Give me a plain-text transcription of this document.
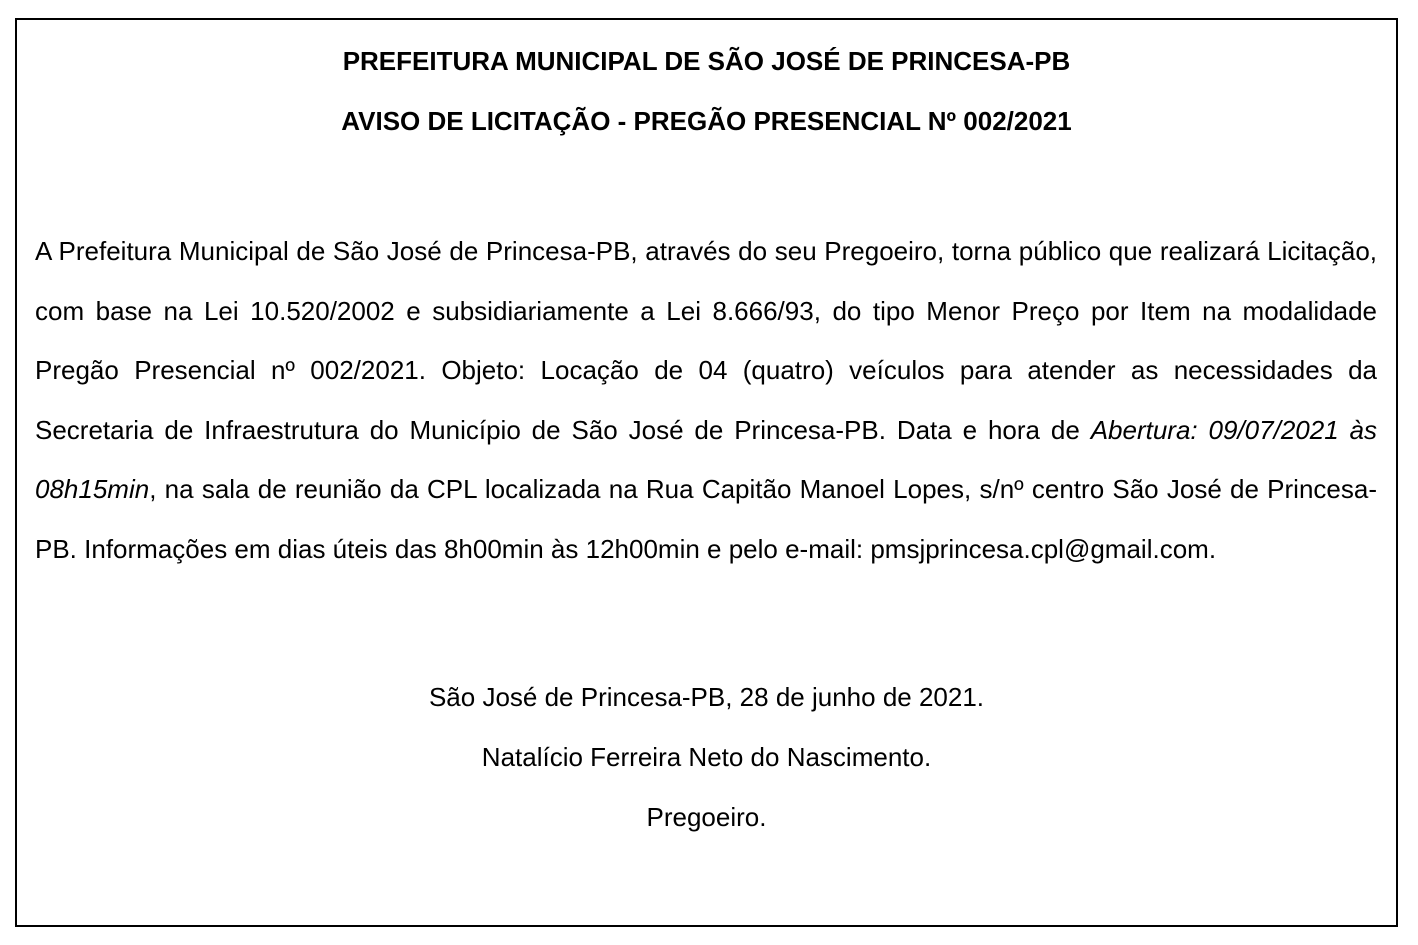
PREFEITURA MUNICIPAL DE SÃO JOSÉ DE PRINCESA-PB
AVISO DE LICITAÇÃO - PREGÃO PRESENCIAL Nº 002/2021

A Prefeitura Municipal de São José de Princesa-PB, através do seu Pregoeiro, torna público que realizará Licitação, com base na Lei 10.520/2002 e subsidiariamente a Lei 8.666/93, do tipo Menor Preço por Item na modalidade Pregão Presencial nº 002/2021. Objeto: Locação de 04 (quatro) veículos para atender as necessidades da Secretaria de Infraestrutura do Município de São José de Princesa-PB. Data e hora de Abertura: 09/07/2021 às 08h15min, na sala de reunião da CPL localizada na Rua Capitão Manoel Lopes, s/nº centro São José de Princesa-PB. Informações em dias úteis das 8h00min às 12h00min e pelo e-mail: pmsjprincesa.cpl@gmail.com.

São José de Princesa-PB, 28 de junho de 2021.

Natalício Ferreira Neto do Nascimento.

Pregoeiro.
